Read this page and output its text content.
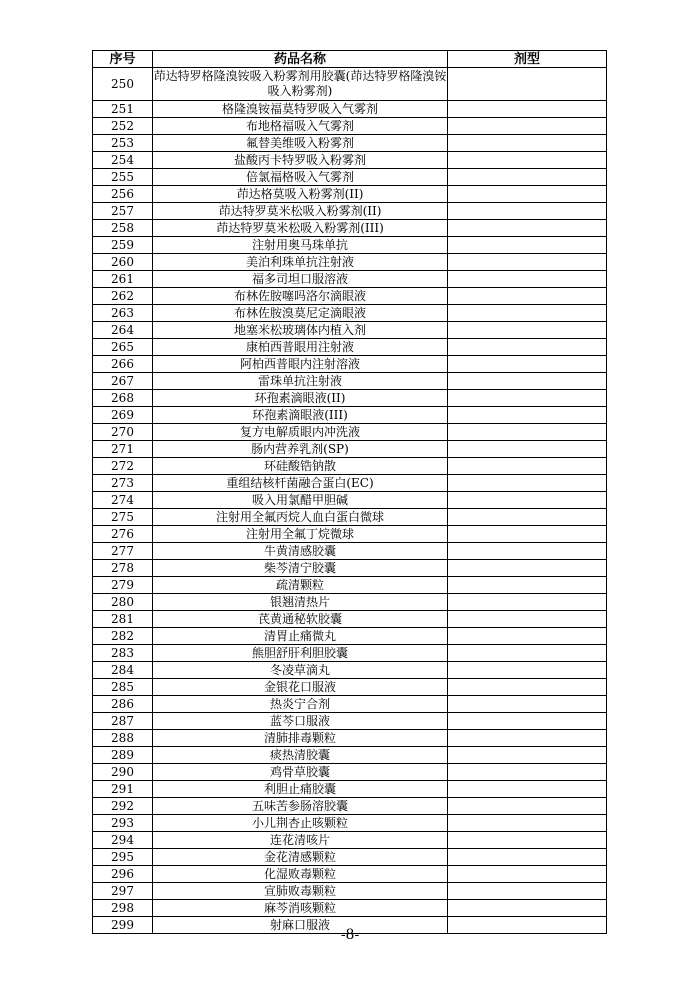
序号	药品名称	剂型
250	茚达特罗格隆溴铵吸入粉雾剂用胶囊(茚达特罗格隆溴铵吸入粉雾剂)	
251	格隆溴铵福莫特罗吸入气雾剂	
252	布地格福吸入气雾剂	
253	氟替美维吸入粉雾剂	
254	盐酸丙卡特罗吸入粉雾剂	
255	倍氯福格吸入气雾剂	
256	茚达格莫吸入粉雾剂(II)	
257	茚达特罗莫米松吸入粉雾剂(II)	
258	茚达特罗莫米松吸入粉雾剂(III)	
259	注射用奥马珠单抗	
260	美泊利珠单抗注射液	
261	福多司坦口服溶液	
262	布林佐胺噻吗洛尔滴眼液	
263	布林佐胺溴莫尼定滴眼液	
264	地塞米松玻璃体内植入剂	
265	康柏西普眼用注射液	
266	阿柏西普眼内注射溶液	
267	雷珠单抗注射液	
268	环孢素滴眼液(II)	
269	环孢素滴眼液(III)	
270	复方电解质眼内冲洗液	
271	肠内营养乳剂(SP)	
272	环硅酸锆钠散	
273	重组结核杆菌融合蛋白(EC)	
274	吸入用氯醋甲胆碱	
275	注射用全氟丙烷人血白蛋白微球	
276	注射用全氟丁烷微球	
277	牛黄清感胶囊	
278	柴芩清宁胶囊	
279	疏清颗粒	
280	银翘清热片	
281	芪黄通秘软胶囊	
282	清胃止痛微丸	
283	熊胆舒肝利胆胶囊	
284	冬凌草滴丸	
285	金银花口服液	
286	热炎宁合剂	
287	蓝芩口服液	
288	清肺排毒颗粒	
289	痰热清胶囊	
290	鸡骨草胶囊	
291	利胆止痛胶囊	
292	五味苦参肠溶胶囊	
293	小儿荆杏止咳颗粒	
294	连花清咳片	
295	金花清感颗粒	
296	化湿败毒颗粒	
297	宣肺败毒颗粒	
298	麻芩消咳颗粒	
299	射麻口服液	
-8-
